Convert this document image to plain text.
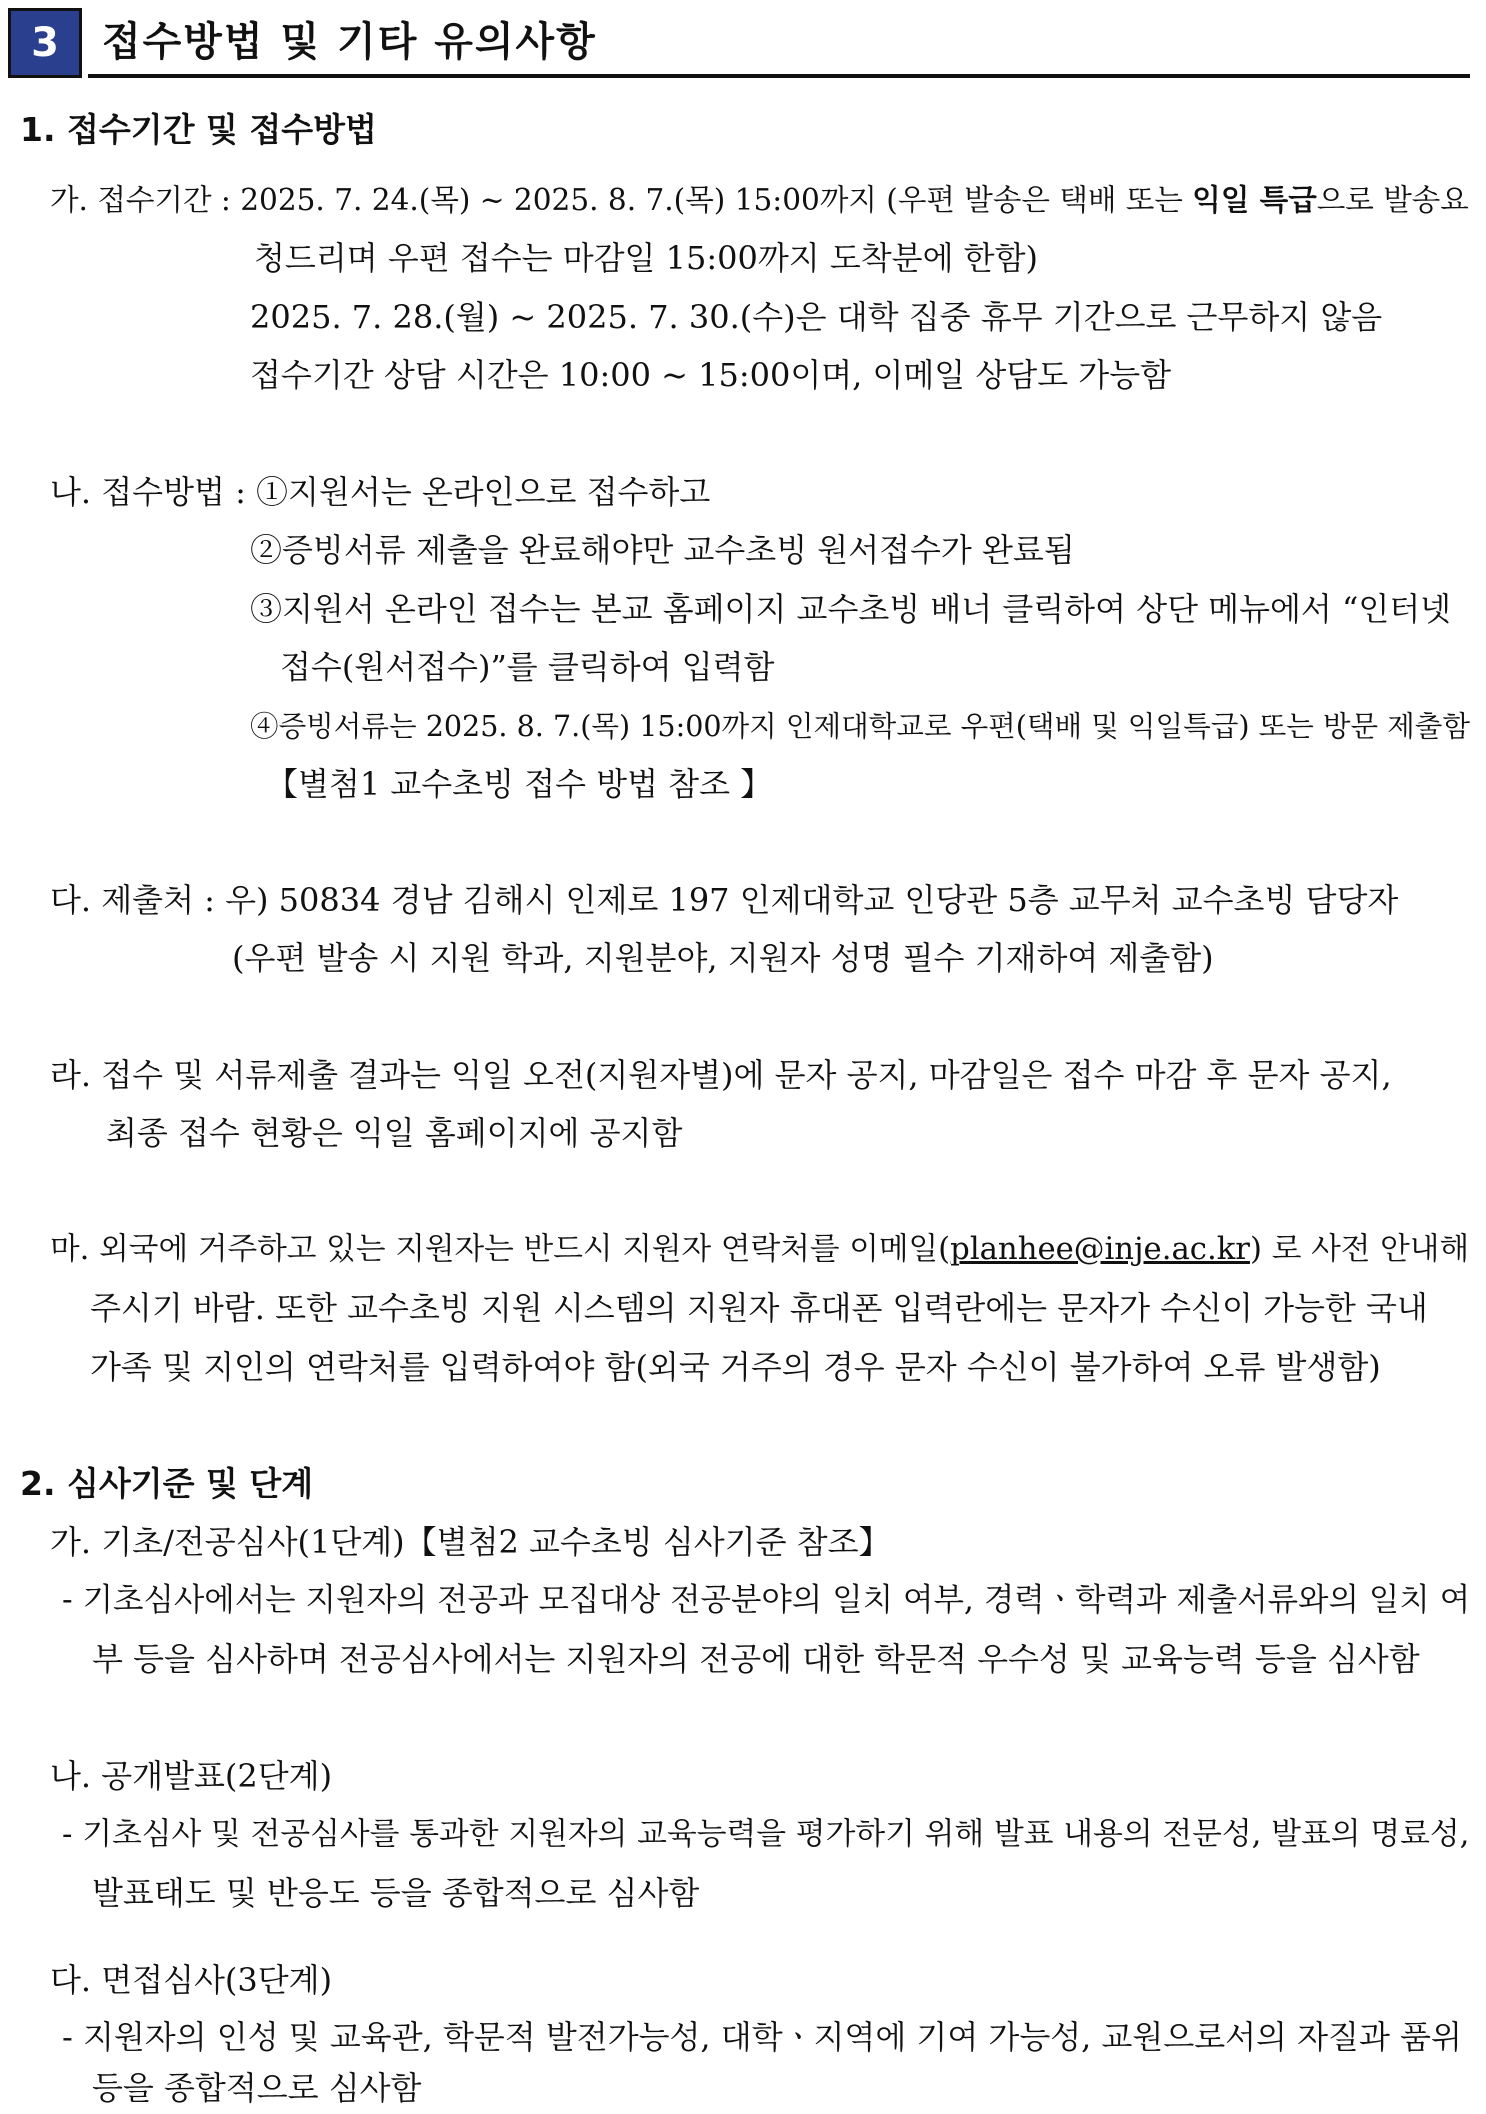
3	접수방법 및 기타 유의사항
1. 접수기간 및 접수방법
가. 접수기간 : 2025. 7. 24.(목) ~ 2025. 8. 7.(목) 15:00까지 (우편 발송은 택배 또는 익일 특급으로 발송요
청드리며 우편 접수는 마감일 15:00까지 도착분에 한함)
2025. 7. 28.(월) ~ 2025. 7. 30.(수)은 대학 집중 휴무 기간으로 근무하지 않음
접수기간 상담 시간은 10:00 ~ 15:00이며, 이메일 상담도 가능함
나. 접수방법 : ①지원서는 온라인으로 접수하고
②증빙서류 제출을 완료해야만 교수초빙 원서접수가 완료됨
③지원서 온라인 접수는 본교 홈페이지 교수초빙 배너 클릭하여 상단 메뉴에서 “인터넷
접수(원서접수)”를 클릭하여 입력함
④증빙서류는 2025. 8. 7.(목) 15:00까지 인제대학교로 우편(택배 및 익일특급) 또는 방문 제출함
【별첨1 교수초빙 접수 방법 참조 】
다. 제출처 : 우) 50834 경남 김해시 인제로 197 인제대학교 인당관 5층 교무처 교수초빙 담당자
(우편 발송 시 지원 학과, 지원분야, 지원자 성명 필수 기재하여 제출함)
라. 접수 및 서류제출 결과는 익일 오전(지원자별)에 문자 공지, 마감일은 접수 마감 후 문자 공지,
최종 접수 현황은 익일 홈페이지에 공지함
마. 외국에 거주하고 있는 지원자는 반드시 지원자 연락처를 이메일(planhee@inje.ac.kr) 로 사전 안내해
주시기 바람. 또한 교수초빙 지원 시스템의 지원자 휴대폰 입력란에는 문자가 수신이 가능한 국내
가족 및 지인의 연락처를 입력하여야 함(외국 거주의 경우 문자 수신이 불가하여 오류 발생함)
2. 심사기준 및 단계
가. 기초/전공심사(1단계)【별첨2 교수초빙 심사기준 참조】
- 기초심사에서는 지원자의 전공과 모집대상 전공분야의 일치 여부, 경력ㆍ학력과 제출서류와의 일치 여
부 등을 심사하며 전공심사에서는 지원자의 전공에 대한 학문적 우수성 및 교육능력 등을 심사함
나. 공개발표(2단계)
- 기초심사 및 전공심사를 통과한 지원자의 교육능력을 평가하기 위해 발표 내용의 전문성, 발표의 명료성,
발표태도 및 반응도 등을 종합적으로 심사함
다. 면접심사(3단계)
- 지원자의 인성 및 교육관, 학문적 발전가능성, 대학ㆍ지역에 기여 가능성, 교원으로서의 자질과 품위
등을 종합적으로 심사함
